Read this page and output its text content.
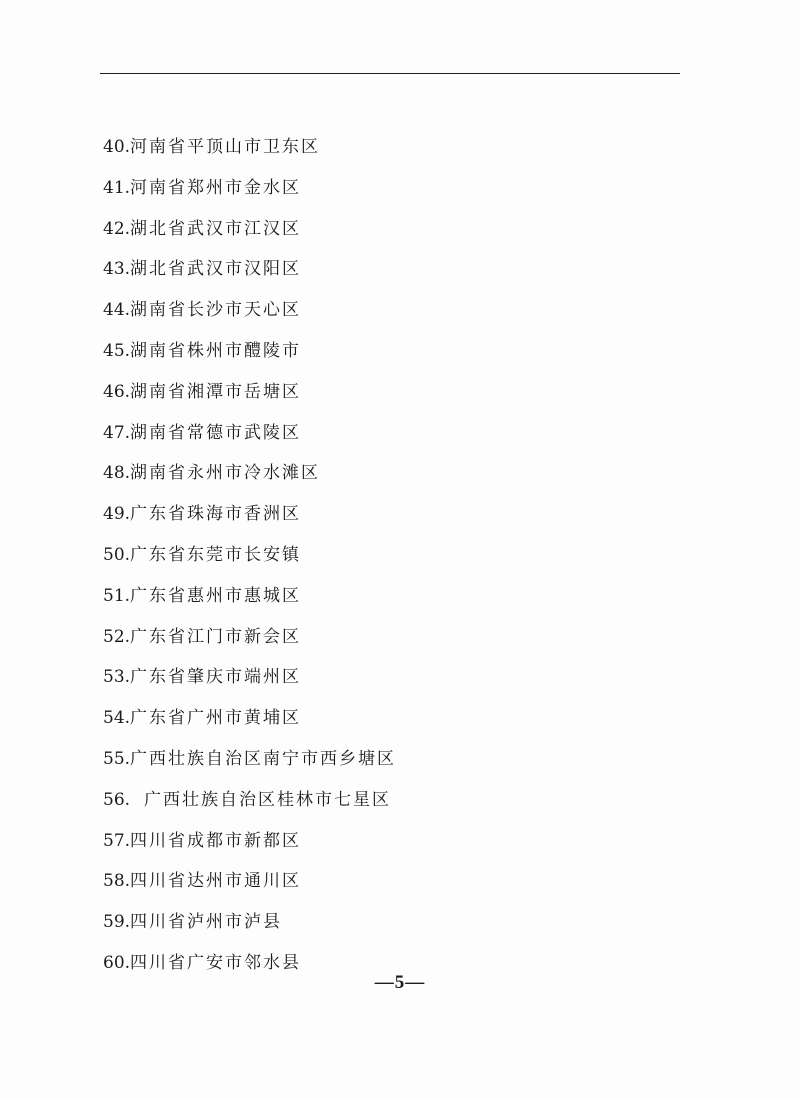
40.河南省平顶山市卫东区
41.河南省郑州市金水区
42.湖北省武汉市江汉区
43.湖北省武汉市汉阳区
44.湖南省长沙市天心区
45.湖南省株州市醴陵市
46.湖南省湘潭市岳塘区
47.湖南省常德市武陵区
48.湖南省永州市冷水滩区
49.广东省珠海市香洲区
50.广东省东莞市长安镇
51.广东省惠州市惠城区
52.广东省江门市新会区
53.广东省肇庆市端州区
54.广东省广州市黄埔区
55.广西壮族自治区南宁市西乡塘区
56. 广西壮族自治区桂林市七星区
57.四川省成都市新都区
58.四川省达州市通川区
59.四川省泸州市泸县
60.四川省广安市邻水县
—5—
